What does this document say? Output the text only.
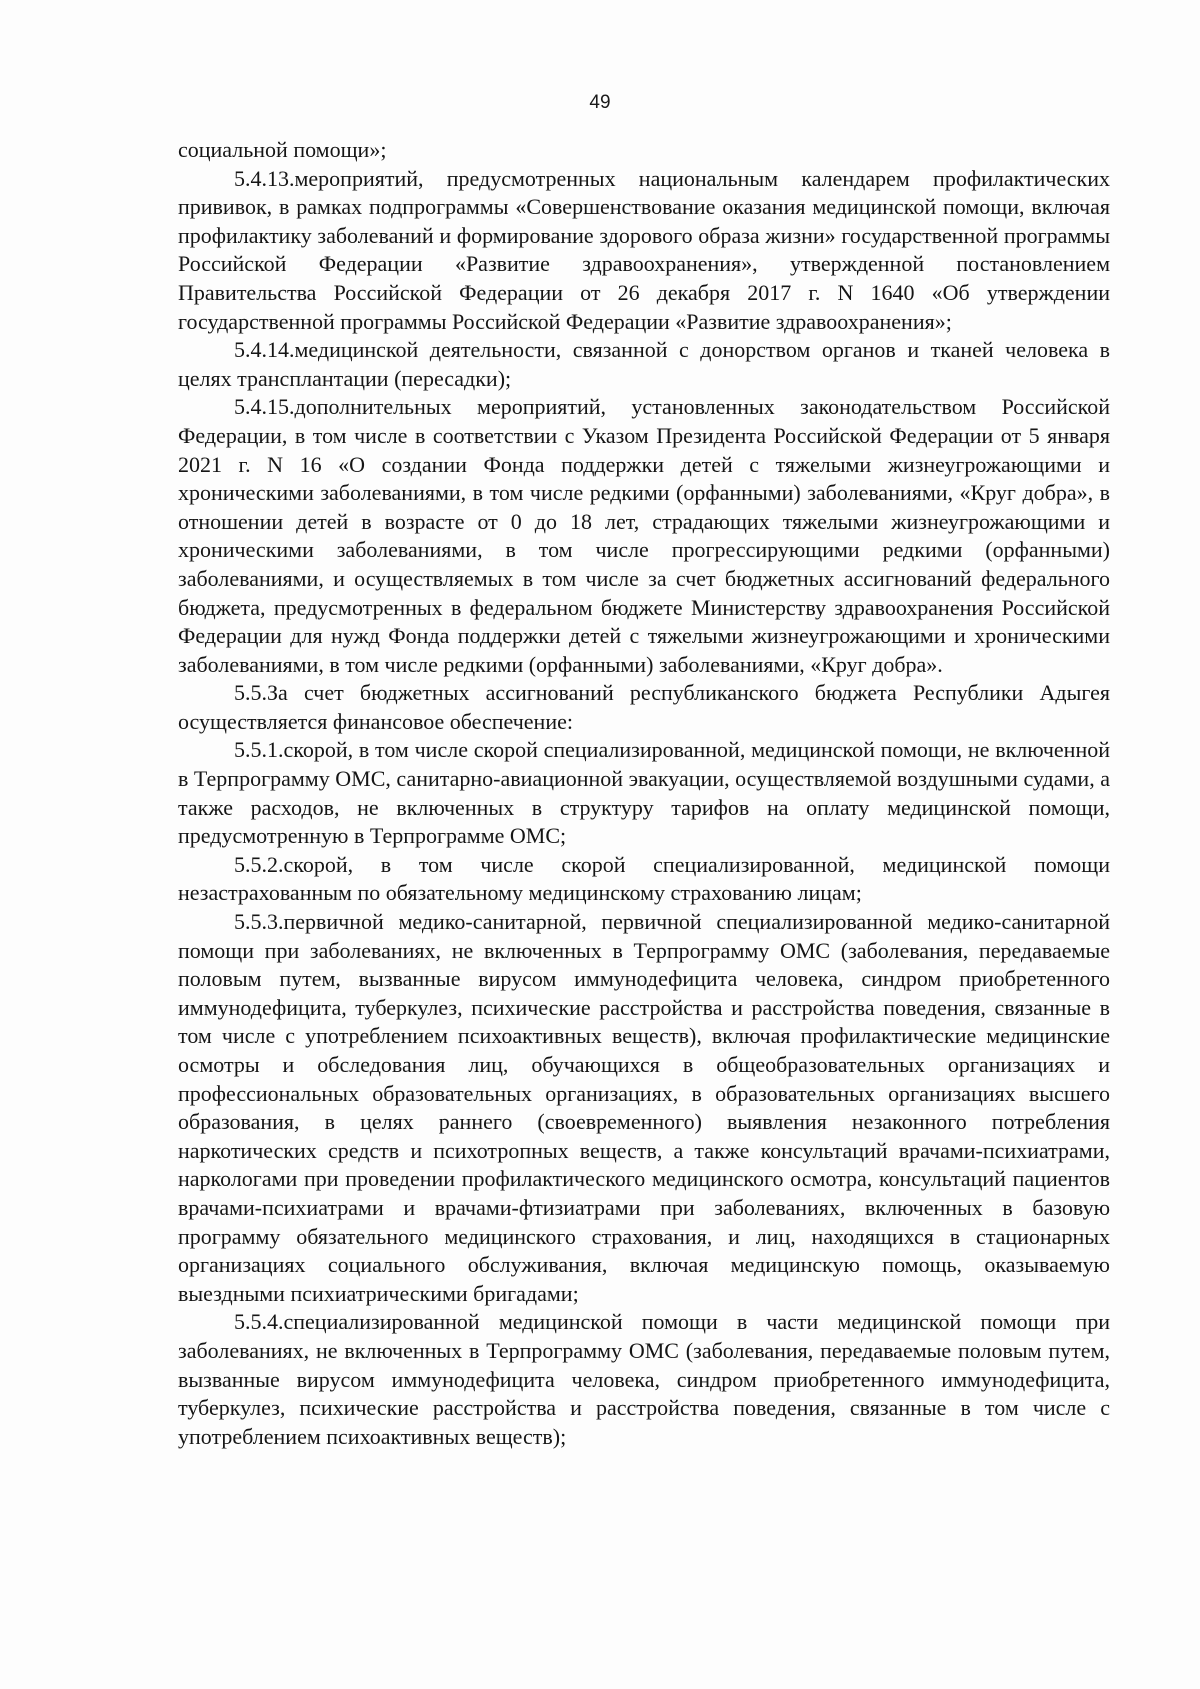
49

социальной помощи»;

5.4.13.мероприятий, предусмотренных национальным календарем профилактических прививок, в рамках подпрограммы «Совершенствование оказания медицинской помощи, включая профилактику заболеваний и формирование здорового образа жизни» государственной программы Российской Федерации «Развитие здравоохранения», утвержденной постановлением Правительства Российской Федерации от 26 декабря 2017 г. N 1640 «Об утверждении государственной программы Российской Федерации «Развитие здравоохранения»;

5.4.14.медицинской деятельности, связанной с донорством органов и тканей человека в целях трансплантации (пересадки);

5.4.15.дополнительных мероприятий, установленных законодательством Российской Федерации, в том числе в соответствии с Указом Президента Российской Федерации от 5 января 2021 г. N 16 «О создании Фонда поддержки детей с тяжелыми жизнеугрожающими и хроническими заболеваниями, в том числе редкими (орфанными) заболеваниями, «Круг добра», в отношении детей в возрасте от 0 до 18 лет, страдающих тяжелыми жизнеугрожающими и хроническими заболеваниями, в том числе прогрессирующими редкими (орфанными) заболеваниями, и осуществляемых в том числе за счет бюджетных ассигнований федерального бюджета, предусмотренных в федеральном бюджете Министерству здравоохранения Российской Федерации для нужд Фонда поддержки детей с тяжелыми жизнеугрожающими и хроническими заболеваниями, в том числе редкими (орфанными) заболеваниями, «Круг добра».

5.5.За счет бюджетных ассигнований республиканского бюджета Республики Адыгея осуществляется финансовое обеспечение:

5.5.1.скорой, в том числе скорой специализированной, медицинской помощи, не включенной в Терпрограмму ОМС, санитарно-авиационной эвакуации, осуществляемой воздушными судами, а также расходов, не включенных в структуру тарифов на оплату медицинской помощи, предусмотренную в Терпрограмме ОМС;

5.5.2.скорой, в том числе скорой специализированной, медицинской помощи незастрахованным по обязательному медицинскому страхованию лицам;

5.5.3.первичной медико-санитарной, первичной специализированной медико-санитарной помощи при заболеваниях, не включенных в Терпрограмму ОМС (заболевания, передаваемые половым путем, вызванные вирусом иммунодефицита человека, синдром приобретенного иммунодефицита, туберкулез, психические расстройства и расстройства поведения, связанные в том числе с употреблением психоактивных веществ), включая профилактические медицинские осмотры и обследования лиц, обучающихся в общеобразовательных организациях и профессиональных образовательных организациях, в образовательных организациях высшего образования, в целях раннего (своевременного) выявления незаконного потребления наркотических средств и психотропных веществ, а также консультаций врачами-психиатрами, наркологами при проведении профилактического медицинского осмотра, консультаций пациентов врачами-психиатрами и врачами-фтизиатрами при заболеваниях, включенных в базовую программу обязательного медицинского страхования, и лиц, находящихся в стационарных организациях социального обслуживания, включая медицинскую помощь, оказываемую выездными психиатрическими бригадами;

5.5.4.специализированной медицинской помощи в части медицинской помощи при заболеваниях, не включенных в Терпрограмму ОМС (заболевания, передаваемые половым путем, вызванные вирусом иммунодефицита человека, синдром приобретенного иммунодефицита, туберкулез, психические расстройства и расстройства поведения, связанные в том числе с употреблением психоактивных веществ);
